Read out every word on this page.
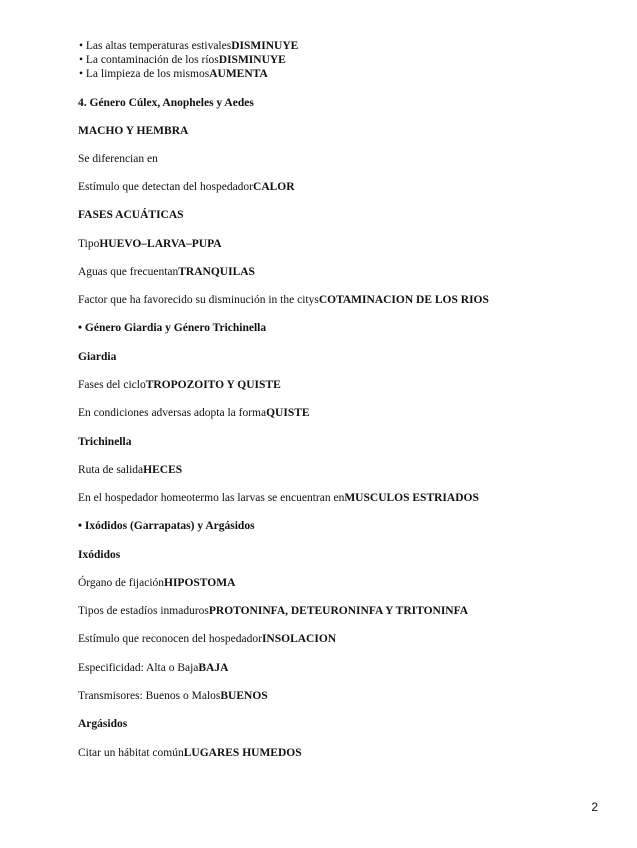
• Las altas temperaturas estivalesDISMINUYE
• La contaminación de los ríosDISMINUYE
• La limpieza de los mismosAUMENTA
4. Género Cúlex, Anopheles y Aedes
MACHO Y HEMBRA
Se diferencian en
Estímulo que detectan del hospedadorCALOR
FASES ACUÁTICAS
TipoHUEVO–LARVA–PUPA
Aguas que frecuentanTRANQUILAS
Factor que ha favorecido su disminución in the citysCOTAMINACION DE LOS RIOS
• Género Giardia y Género Trichinella
Giardia
Fases del cicloTROPOZOITO Y QUISTE
En condiciones adversas adopta la formaQUISTE
Trichinella
Ruta de salidaHECES
En el hospedador homeotermo las larvas se encuentran enMUSCULOS ESTRIADOS
• Ixódidos (Garrapatas) y Argásidos
Ixódidos
Órgano de fijaciónHIPOSTOMA
Tipos de estadíos inmadurosPROTONINFA, DETEURONINFA Y TRITONINFA
Estímulo que reconocen del hospedadorINSOLACION
Especificidad: Alta o BajaBAJA
Transmisores: Buenos o MalosBUENOS
Argásidos
Citar un hábitat comúnLUGARES HUMEDOS
2
